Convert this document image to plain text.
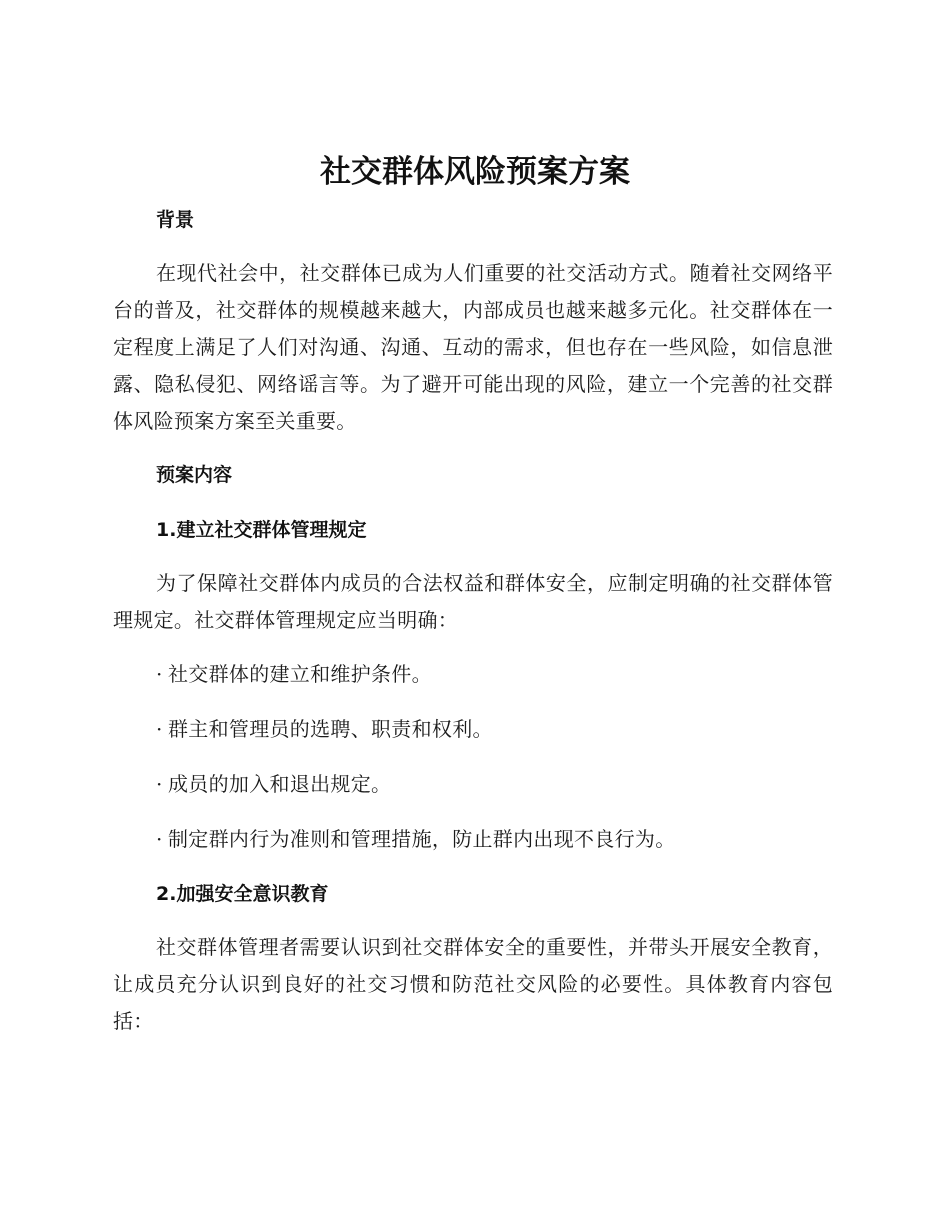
社交群体风险预案方案

背景

在现代社会中，社交群体已成为人们重要的社交活动方式。随着社交网络平台的普及，社交群体的规模越来越大，内部成员也越来越多元化。社交群体在一定程度上满足了人们对沟通、沟通、互动的需求，但也存在一些风险，如信息泄露、隐私侵犯、网络谣言等。为了避开可能出现的风险，建立一个完善的社交群体风险预案方案至关重要。

预案内容

1.建立社交群体管理规定

为了保障社交群体内成员的合法权益和群体安全，应制定明确的社交群体管理规定。社交群体管理规定应当明确：

· 社交群体的建立和维护条件。

· 群主和管理员的选聘、职责和权利。

· 成员的加入和退出规定。

· 制定群内行为准则和管理措施，防止群内出现不良行为。

2.加强安全意识教育

社交群体管理者需要认识到社交群体安全的重要性，并带头开展安全教育，让成员充分认识到良好的社交习惯和防范社交风险的必要性。具体教育内容包括：
